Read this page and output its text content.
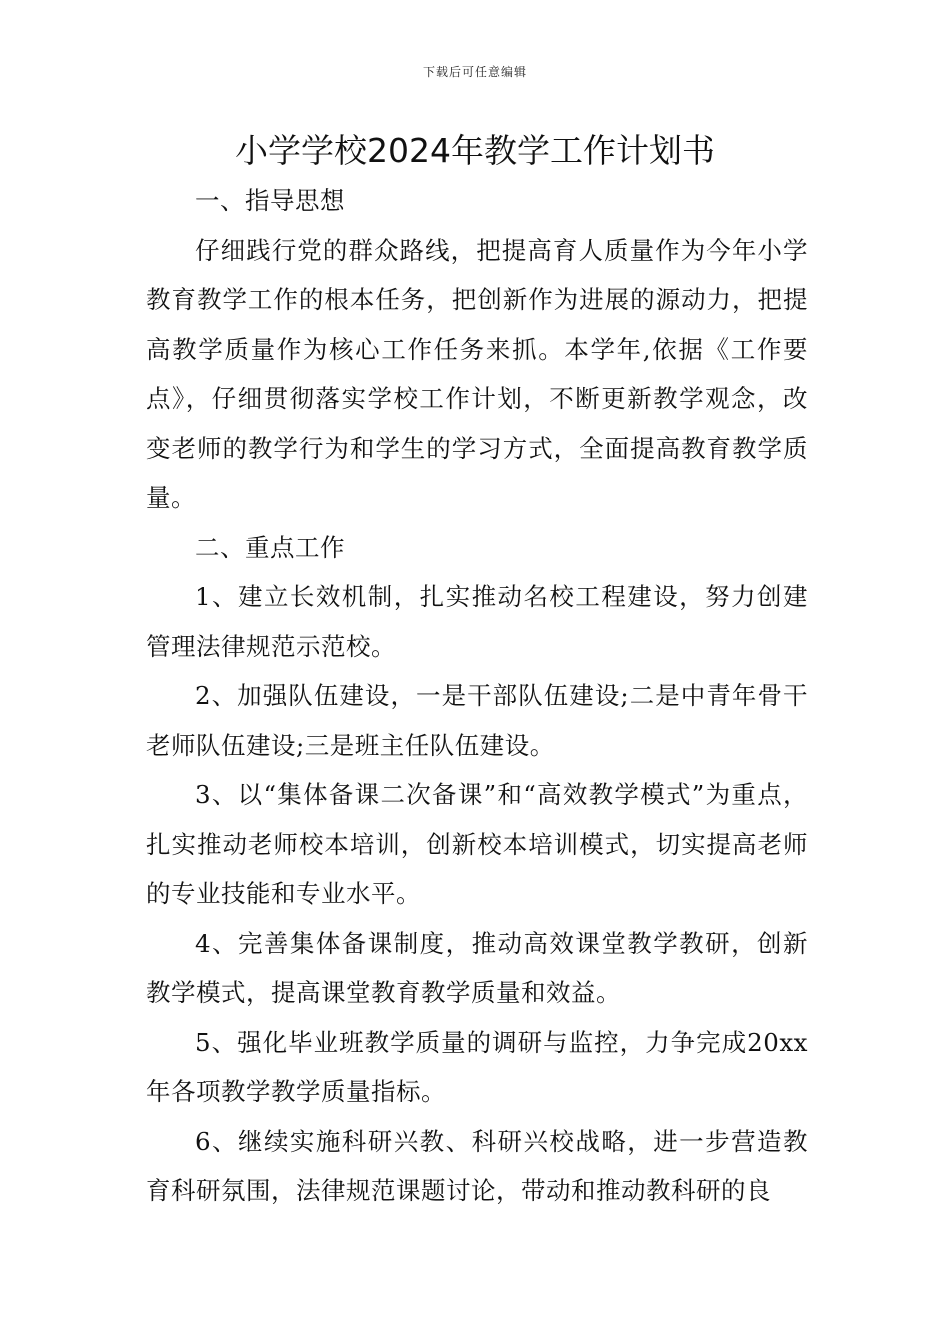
下载后可任意编辑
小学学校2024年教学工作计划书

一、指导思想

仔细践行党的群众路线，把提高育人质量作为今年小学教育教学工作的根本任务，把创新作为进展的源动力，把提高教学质量作为核心工作任务来抓。本学年,依据《工作要点》，仔细贯彻落实学校工作计划，不断更新教学观念，改变老师的教学行为和学生的学习方式，全面提高教育教学质量。

二、重点工作

1、建立长效机制，扎实推动名校工程建设，努力创建管理法律规范示范校。

2、加强队伍建设，一是干部队伍建设;二是中青年骨干老师队伍建设;三是班主任队伍建设。

3、以“集体备课二次备课”和“高效教学模式”为重点，扎实推动老师校本培训，创新校本培训模式，切实提高老师的专业技能和专业水平。

4、完善集体备课制度，推动高效课堂教学教研，创新教学模式，提高课堂教育教学质量和效益。

5、强化毕业班教学质量的调研与监控，力争完成20xx年各项教学教学质量指标。

6、继续实施科研兴教、科研兴校战略，进一步营造教育科研氛围，法律规范课题讨论，带动和推动教科研的良
